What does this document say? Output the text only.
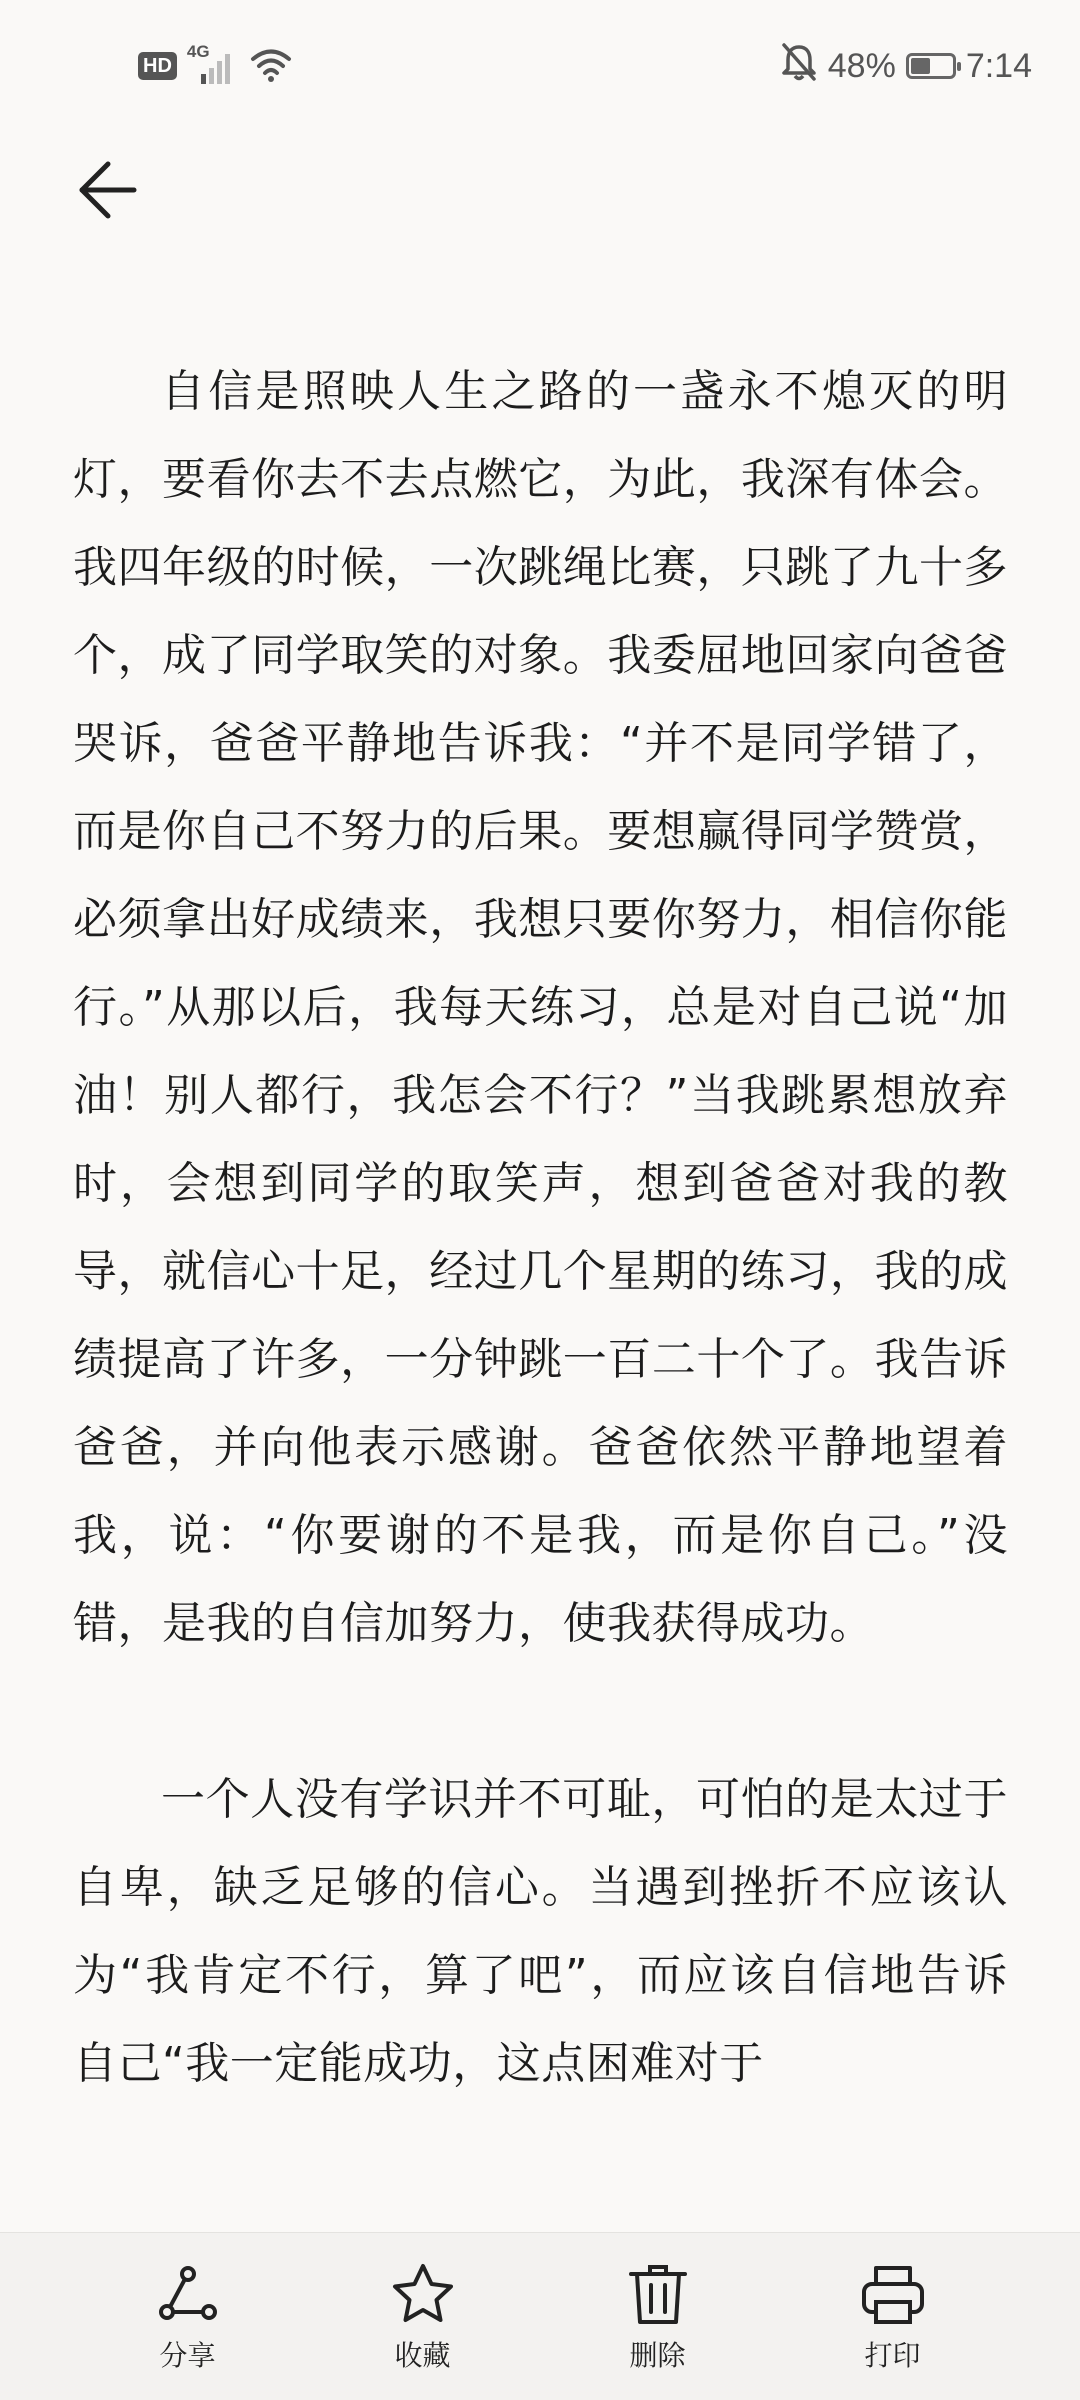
HD
4G	48% 7:14

自信是照映人生之路的一盏永不熄灭的明灯，要看你去不去点燃它，为此，我深有体会。我四年级的时候，一次跳绳比赛，只跳了九十多个，成了同学取笑的对象。我委屈地回家向爸爸哭诉，爸爸平静地告诉我：“并不是同学错了，而是你自己不努力的后果。要想赢得同学赞赏，必须拿出好成绩来，我想只要你努力，相信你能行。”从那以后，我每天练习，总是对自己说“加油！别人都行，我怎会不行？”当我跳累想放弃时，会想到同学的取笑声，想到爸爸对我的教导，就信心十足，经过几个星期的练习，我的成绩提高了许多，一分钟跳一百二十个了。我告诉爸爸，并向他表示感谢。爸爸依然平静地望着我，说：“你要谢的不是我，而是你自己。”没错，是我的自信加努力，使我获得成功。

一个人没有学识并不可耻，可怕的是太过于自卑，缺乏足够的信心。当遇到挫折不应该认为“我肯定不行，算了吧”，而应该自信地告诉自己“我一定能成功，这点困难对于

分享	收藏	删除	打印
